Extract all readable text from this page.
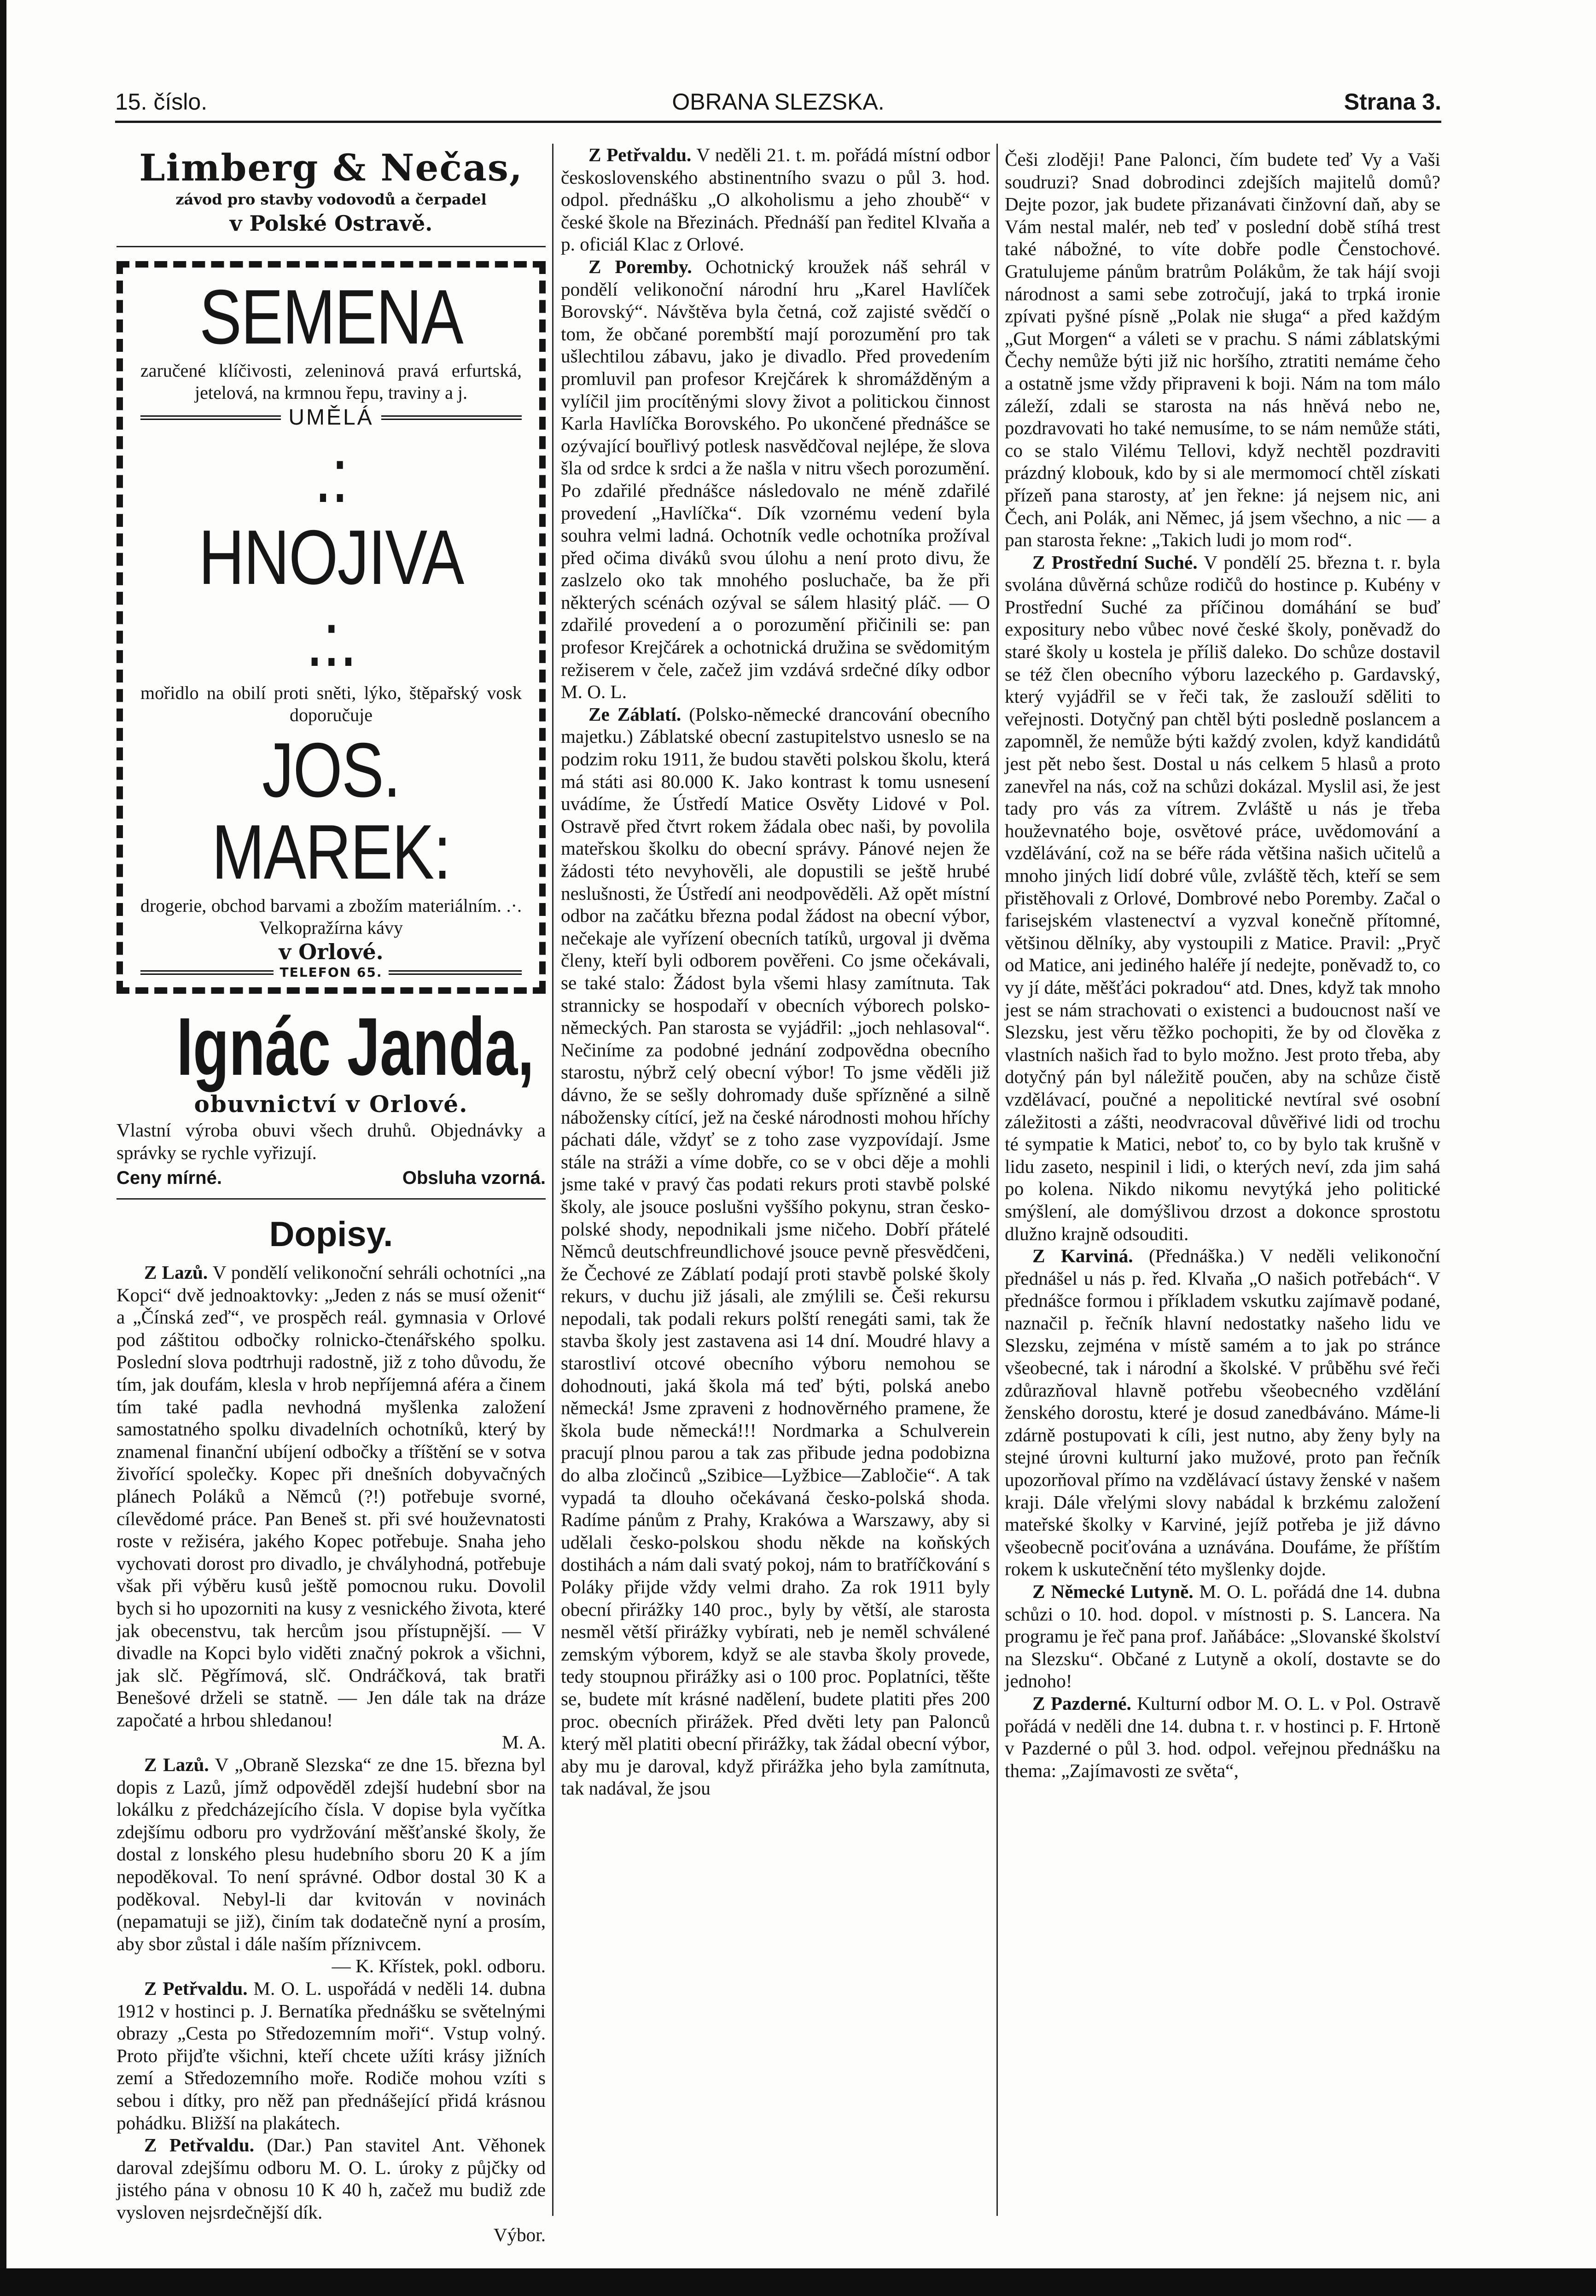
15. číslo.	OBRANA SLEZSKA.	Strana 3.
Limberg & Nečas,
závod pro stavby vodovodů a čerpadel
v Polské Ostravě.
SEMENA
zaručené klíčivosti, zeleninová pravá erfurtská, jetelová, na krmnou řepu, traviny a j.
UMĚLÁ
.: HNOJIVA .:.
mořidlo na obilí proti sněti, lýko, štěpařský vosk doporučuje
JOS. MAREK:
drogerie, obchod barvami a zbožím materiálním. .·. Velkopražírna kávy
v Orlové.
TELEFON 65.
Ignác Janda,
obuvnictví v Orlové.
Vlastní výroba obuvi všech druhů. Objednávky a správky se rychle vyřizují.
Ceny mírné.	Obsluha vzorná.
Dopisy.

Z Lazů. V pondělí velikonoční sehráli ochotníci „na Kopci“ dvě jednoaktovky: „Jeden z nás se musí oženit“ a „Čínská zeď“, ve prospěch reál. gymnasia v Orlové pod záštitou odbočky rolnicko-čtenářského spolku. Poslední slova podtrhuji radostně, již z toho důvodu, že tím, jak doufám, klesla v hrob nepříjemná aféra a činem tím také padla nevhodná myšlenka založení samostatného spolku divadelních ochotníků, který by znamenal finanční ubíjení odbočky a tříštění se v sotva živořící společky. Kopec při dnešních dobyvačných plánech Poláků a Němců (?!) potřebuje svorné, cílevědomé práce. Pan Beneš st. při své houževnatosti roste v režiséra, jakého Kopec potřebuje. Snaha jeho vychovati dorost pro divadlo, je chvályhodná, potřebuje však při výběru kusů ještě pomocnou ruku. Dovolil bych si ho upozorniti na kusy z vesnického života, které jak obecenstvu, tak hercům jsou přístupnější. — V divadle na Kopci bylo viděti značný pokrok a všichni, jak slč. Pěgřímová, slč. Ondráčková, tak bratři Benešové drželi se statně. — Jen dále tak na dráze započaté a hrbou shledanou!

M. A.

Z Lazů. V „Obraně Slezska“ ze dne 15. března byl dopis z Lazů, jímž odpověděl zdejší hudební sbor na lokálku z předcházejícího čísla. V dopise byla vyčítka zdejšímu odboru pro vydržování měšťanské školy, že dostal z lonského plesu hudebního sboru 20 K a jím nepoděkoval. To není správné. Odbor dostal 30 K a poděkoval. Nebyl-li dar kvitován v novinách (nepamatuji se již), činím tak dodatečně nyní a prosím, aby sbor zůstal i dále naším příznivcem.

— K. Křístek, pokl. odboru.

Z Petřvaldu. M. O. L. uspořádá v neděli 14. dubna 1912 v hostinci p. J. Bernatíka přednášku se světelnými obrazy „Cesta po Středozemním moři“. Vstup volný. Proto přijďte všichni, kteří chcete užíti krásy jižních zemí a Středozemního moře. Rodiče mohou vzíti s sebou i dítky, pro něž pan přednášející přidá krásnou pohádku. Bližší na plakátech.

Z Petřvaldu. (Dar.) Pan stavitel Ant. Věhonek daroval zdejšímu odboru M. O. L. úroky z půjčky od jistého pána v obnosu 10 K 40 h, začež mu budiž zde vysloven nejsrdečnější dík.

Výbor.

Z Petřvaldu. V neděli 21. t. m. pořádá místní odbor československého abstinentního svazu o půl 3. hod. odpol. přednášku „O alkoholismu a jeho zhoubě“ v české škole na Březinách. Přednáší pan ředitel Klvaňa a p. oficiál Klac z Orlové.

Z Poremby. Ochotnický kroužek náš sehrál v pondělí velikonoční národní hru „Karel Havlíček Borovský“. Návštěva byla četná, což zajisté svědčí o tom, že občané porembští mají porozumění pro tak ušlechtilou zábavu, jako je divadlo. Před provedením promluvil pan profesor Krejčárek k shromážděným a vylíčil jim procítěnými slovy život a politickou činnost Karla Havlíčka Borovského. Po ukončené přednášce se ozývající bouřlivý potlesk nasvědčoval nejlépe, že slova šla od srdce k srdci a že našla v nitru všech porozumění. Po zdařilé přednášce následovalo ne méně zdařilé provedení „Havlíčka“. Dík vzornému vedení byla souhra velmi ladná. Ochotník vedle ochotníka prožíval před očima diváků svou úlohu a není proto divu, že zaslzelo oko tak mnohého posluchače, ba že při některých scénách ozýval se sálem hlasitý pláč. — O zdařilé provedení a o porozumění přičinili se: pan profesor Krejčárek a ochotnická družina se svědomitým režiserem v čele, začež jim vzdává srdečné díky odbor M. O. L.

Ze Záblatí. (Polsko-německé drancování obecního majetku.) Záblatské obecní zastupitelstvo usneslo se na podzim roku 1911, že budou stavěti polskou školu, která má státi asi 80.000 K. Jako kontrast k tomu usnesení uvádíme, že Ústředí Matice Osvěty Lidové v Pol. Ostravě před čtvrt rokem žádala obec naši, by povolila mateřskou školku do obecní správy. Pánové nejen že žádosti této nevyhověli, ale dopustili se ještě hrubé neslušnosti, že Ústředí ani neodpověděli. Až opět místní odbor na začátku března podal žádost na obecní výbor, nečekaje ale vyřízení obecních tatíků, urgoval ji dvěma členy, kteří byli odborem pověřeni. Co jsme očekávali, se také stalo: Žádost byla všemi hlasy zamítnuta. Tak strannicky se hospodaří v obecních výborech polsko-německých. Pan starosta se vyjádřil: „joch nehlasoval“. Nečiníme za podobné jednání zodpovědna obecního starostu, nýbrž celý obecní výbor! To jsme věděli již dávno, že se sešly dohromady duše spřízněné a silně nábožensky cítící, jež na české národnosti mohou hříchy páchati dále, vždyť se z toho zase vyzpovídají. Jsme stále na stráži a víme dobře, co se v obci děje a mohli jsme také v pravý čas podati rekurs proti stavbě polské školy, ale jsouce poslušni vyššího pokynu, stran česko-polské shody, nepodnikali jsme ničeho. Dobří přátelé Němců deutschfreundlichové jsouce pevně přesvědčeni, že Čechové ze Záblatí podají proti stavbě polské školy rekurs, v duchu již jásali, ale zmýlili se. Češi rekursu nepodali, tak podali rekurs polští renegáti sami, tak že stavba školy jest zastavena asi 14 dní. Moudré hlavy a starostliví otcové obecního výboru nemohou se dohodnouti, jaká škola má teď býti, polská anebo německá! Jsme zpraveni z hodnověrného pramene, že škola bude německá!!! Nordmarka a Schulverein pracují plnou parou a tak zas přibude jedna podobizna do alba zločinců „Szibice—Lyžbice—Zabločie“. A tak vypadá ta dlouho očekávaná česko-polská shoda. Radíme pánům z Prahy, Krakówa a Warszawy, aby si udělali česko-polskou shodu někde na koňských dostihách a nám dali svatý pokoj, nám to bratříčkování s Poláky přijde vždy velmi draho. Za rok 1911 byly obecní přirážky 140 proc., byly by větší, ale starosta nesměl větší přirážky vybírati, neb je neměl schválené zemským výborem, když se ale stavba školy provede, tedy stoupnou přirážky asi o 100 proc. Poplatníci, těšte se, budete mít krásné nadělení, budete platiti přes 200 proc. obecních přirážek. Před dvěti lety pan Palonců který měl platiti obecní přirážky, tak žádal obecní výbor, aby mu je daroval, když přirážka jeho byla zamítnuta, tak nadával, že jsou

Češi zloději! Pane Palonci, čím budete teď Vy a Vaši soudruzi? Snad dobrodinci zdejších majitelů domů? Dejte pozor, jak budete přizanávati činžovní daň, aby se Vám nestal malér, neb teď v poslední době stíhá trest také nábožné, to víte dobře podle Čenstochové. Gratulujeme pánům bratrům Polákům, že tak hájí svoji národnost a sami sebe zotročují, jaká to trpká ironie zpívati pyšné písně „Polak nie sługa“ a před každým „Gut Morgen“ a váleti se v prachu. S námi záblatskými Čechy nemůže býti již nic horšího, ztratiti nemáme čeho a ostatně jsme vždy připraveni k boji. Nám na tom málo záleží, zdali se starosta na nás hněvá nebo ne, pozdravovati ho také nemusíme, to se nám nemůže státi, co se stalo Vilému Tellovi, když nechtěl pozdraviti prázdný klobouk, kdo by si ale mermomocí chtěl získati přízeň pana starosty, ať jen řekne: já nejsem nic, ani Čech, ani Polák, ani Němec, já jsem všechno, a nic — a pan starosta řekne: „Takich ludi jo mom rod“.

Z Prostřední Suché. V pondělí 25. března t. r. byla svolána důvěrná schůze rodičů do hostince p. Kubény v Prostřední Suché za příčinou domáhání se buď expositury nebo vůbec nové české školy, poněvadž do staré školy u kostela je příliš daleko. Do schůze dostavil se též člen obecního výboru lazeckého p. Gardavský, který vyjádřil se v řeči tak, že zaslouží sděliti to veřejnosti. Dotyčný pan chtěl býti posledně poslancem a zapomněl, že nemůže býti každý zvolen, když kandidátů jest pět nebo šest. Dostal u nás celkem 5 hlasů a proto zanevřel na nás, což na schůzi dokázal. Myslil asi, že jest tady pro vás za vítrem. Zvláště u nás je třeba houževnatého boje, osvětové práce, uvědomování a vzdělávání, což na se béře ráda většina našich učitelů a mnoho jiných lidí dobré vůle, zvláště těch, kteří se sem přistěhovali z Orlové, Dombrové nebo Poremby. Začal o farisejském vlastenectví a vyzval konečně přítomné, většinou dělníky, aby vystoupili z Matice. Pravil: „Pryč od Matice, ani jediného haléře jí nedejte, poněvadž to, co vy jí dáte, měšťáci pokradou“ atd. Dnes, když tak mnoho jest se nám strachovati o existenci a budoucnost naší ve Slezsku, jest věru těžko pochopiti, že by od člověka z vlastních našich řad to bylo možno. Jest proto třeba, aby dotyčný pán byl náležitě poučen, aby na schůze čistě vzdělávací, poučné a nepolitické nevtíral své osobní záležitosti a zášti, neodvracoval důvěřivé lidi od trochu té sympatie k Matici, neboť to, co by bylo tak krušně v lidu zaseto, nespinil i lidi, o kterých neví, zda jim sahá po kolena. Nikdo nikomu nevytýká jeho politické smýšlení, ale domýšlivou drzost a dokonce sprostotu dlužno krajně odsouditi.

Z Karviná. (Přednáška.) V neděli velikonoční přednášel u nás p. řed. Klvaňa „O našich potřebách“. V přednášce formou i příkladem vskutku zajímavě podané, naznačil p. řečník hlavní nedostatky našeho lidu ve Slezsku, zejména v místě samém a to jak po stránce všeobecné, tak i národní a školské. V průběhu své řeči zdůrazňoval hlavně potřebu všeobecného vzdělání ženského dorostu, které je dosud zanedbáváno. Máme-li zdárně postupovati k cíli, jest nutno, aby ženy byly na stejné úrovni kulturní jako mužové, proto pan řečník upozorňoval přímo na vzdělávací ústavy ženské v našem kraji. Dále vřelými slovy nabádal k brzkému založení mateřské školky v Karviné, jejíž potřeba je již dávno všeobecně pociťována a uznávána. Doufáme, že příštím rokem k uskutečnění této myšlenky dojde.

Z Německé Lutyně. M. O. L. pořádá dne 14. dubna schůzi o 10. hod. dopol. v místnosti p. S. Lancera. Na programu je řeč pana prof. Jaňábáce: „Slovanské školství na Slezsku“. Občané z Lutyně a okolí, dostavte se do jednoho!

Z Pazderné. Kulturní odbor M. O. L. v Pol. Ostravě pořádá v neděli dne 14. dubna t. r. v hostinci p. F. Hrtoně v Pazderné o půl 3. hod. odpol. veřejnou přednášku na thema: „Zajímavosti ze světa“,
